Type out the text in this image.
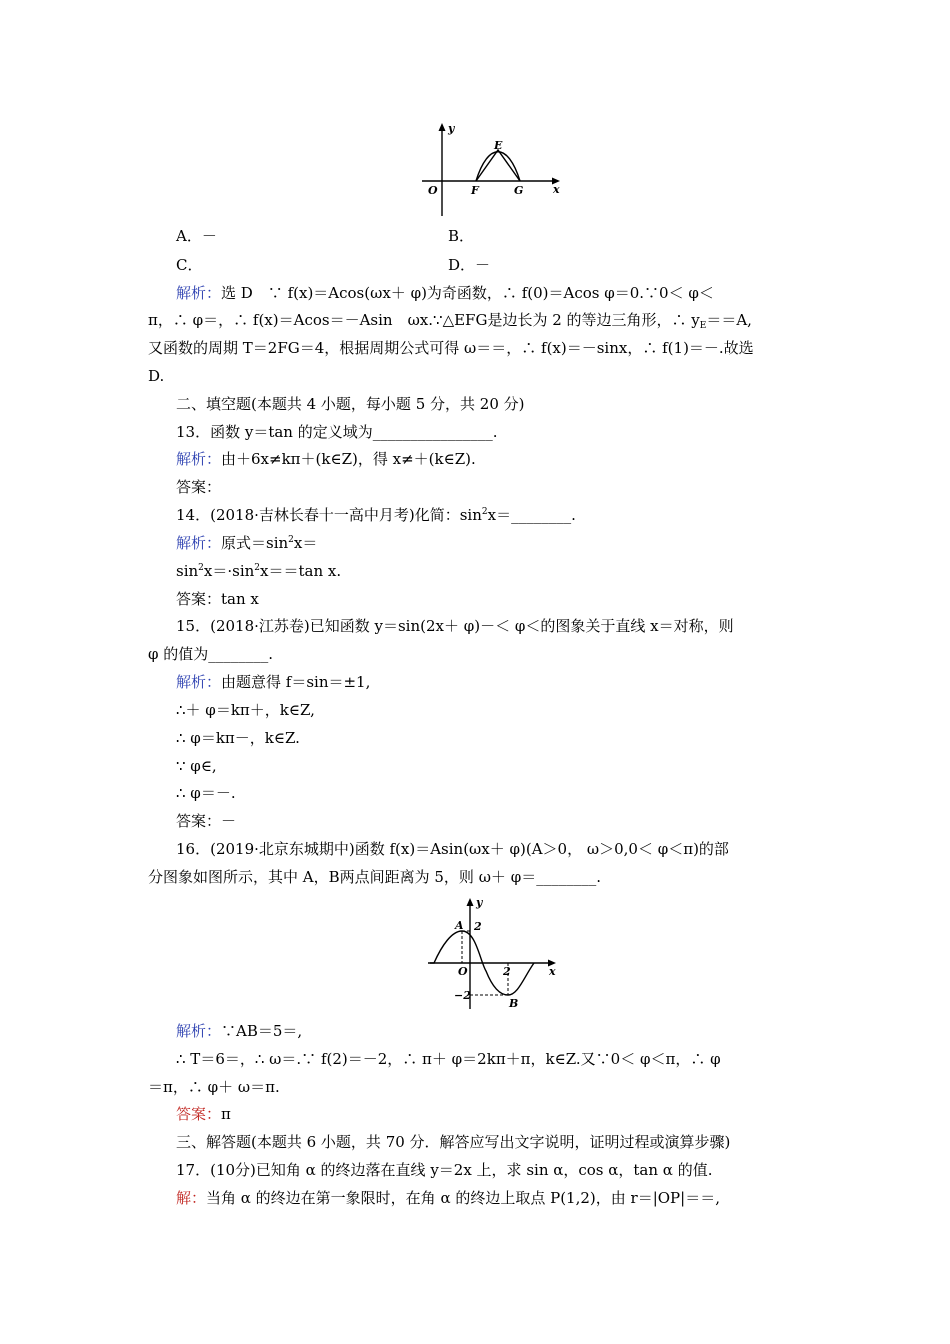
y
x
O
E
F	G
A．－	B．
C．	D．－
解析：选 D　∵ f(x)＝Acos(ωx＋ φ)为奇函数，∴ f(0)＝Acos φ＝0.∵0＜ φ＜
π，∴ φ＝，∴ f(x)＝Acos＝－Asin　ωx.∵△EFG是边长为 2 的等边三角形，∴ $y_E==A$,
又函数的周期 T＝2FG＝4，根据周期公式可得 ω＝＝，∴ f(x)＝－sinx，∴ f(1)＝－.故选
D.
二、填空题(本题共 4 小题，每小题 5 分，共 20 分)
13．函数 y＝tan 的定义域为________________.
解析：由＋6x≠kπ＋(k∈Z)，得 x≠＋(k∈Z).
答案：
14．(2018·吉林长春十一高中月考)化简：$\sin^2x=\_\_\_\_\_\_\_\_$.
解析：原式$=\sin^2x=$
$\sin^2x=\cdot\sin^2x==\tan$ x.
答案：tan x
15．(2018·江苏卷)已知函数 y＝sin(2x＋ φ)－＜ φ＜的图象关于直线 x＝对称，则
φ 的值为________.
解析：由题意得 f＝sin＝±1,
∴＋ φ＝kπ＋，k∈Z,
∴ φ＝kπ－，k∈Z.
∵ φ∈,
∴ φ＝－.
答案：－
16．(2019·北京东城期中)函数 f(x)＝Asin(ωx＋ φ)(A＞0， ω＞0,0＜ φ＜π)的部
分图象如图所示，其中 A，B两点间距离为 5，则 ω＋ φ＝________.
y
x
O
A
B
2
2
−2
解析：∵AB＝5＝,
∴ T＝6＝，∴ ω＝.∵ f(2)＝－2，∴ π＋ φ＝2kπ＋π，k∈Z.又∵0＜ φ＜π，∴ φ
＝π，∴ φ＋ ω＝π.
答案：π
三、解答题(本题共 6 小题，共 70 分．解答应写出文字说明，证明过程或演算步骤)
17．(10分)已知角 α 的终边落在直线 y＝2x 上，求 sin α，cos α，tan α 的值.
解：当角 α 的终边在第一象限时，在角 α 的终边上取点 P(1,2)，由 r＝|OP|＝＝,
